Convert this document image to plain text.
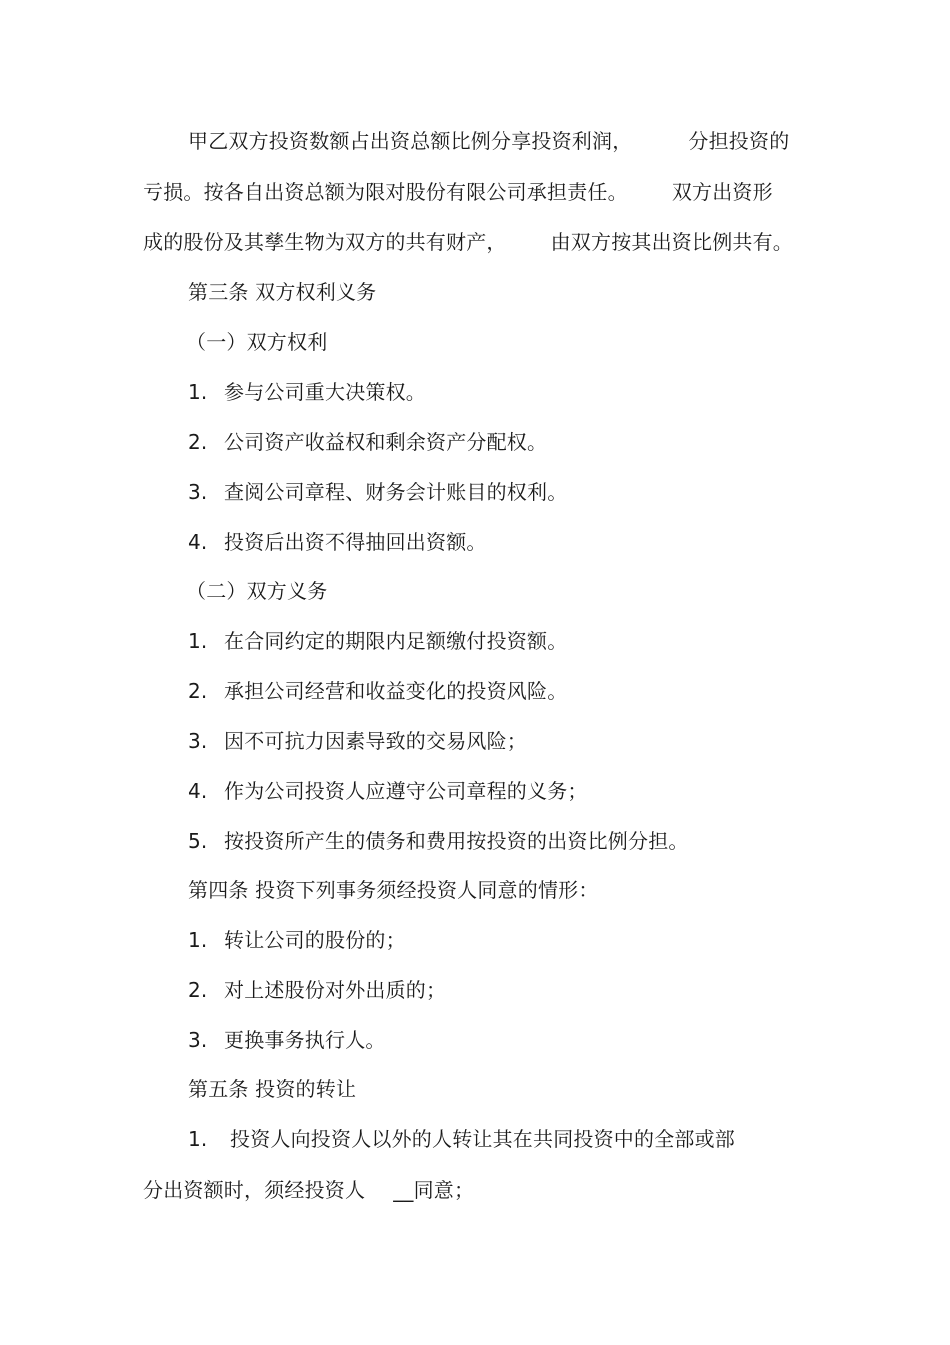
甲乙双方投资数额占出资总额比例分享投资利润，	分担投资的
亏损。按各自出资总额为限对股份有限公司承担责任。 双方出资形
成的股份及其孳生物为双方的共有财产， 由双方按其出资比例共有。
第三条 双方权利义务
（一）双方权利
1. 参与公司重大决策权。
2. 公司资产收益权和剩余资产分配权。
3. 查阅公司章程、财务会计账目的权利。
4. 投资后出资不得抽回出资额。
（二）双方义务
1. 在合同约定的期限内足额缴付投资额。
2. 承担公司经营和收益变化的投资风险。
3. 因不可抗力因素导致的交易风险；
4. 作为公司投资人应遵守公司章程的义务；
5. 按投资所产生的债务和费用按投资的出资比例分担。
第四条 投资下列事务须经投资人同意的情形：
1. 转让公司的股份的；
2. 对上述股份对外出质的；
3. 更换事务执行人。
第五条 投资的转让
1. 投资人向投资人以外的人转让其在共同投资中的全部或部
分出资额时，须经投资人 __同意；
